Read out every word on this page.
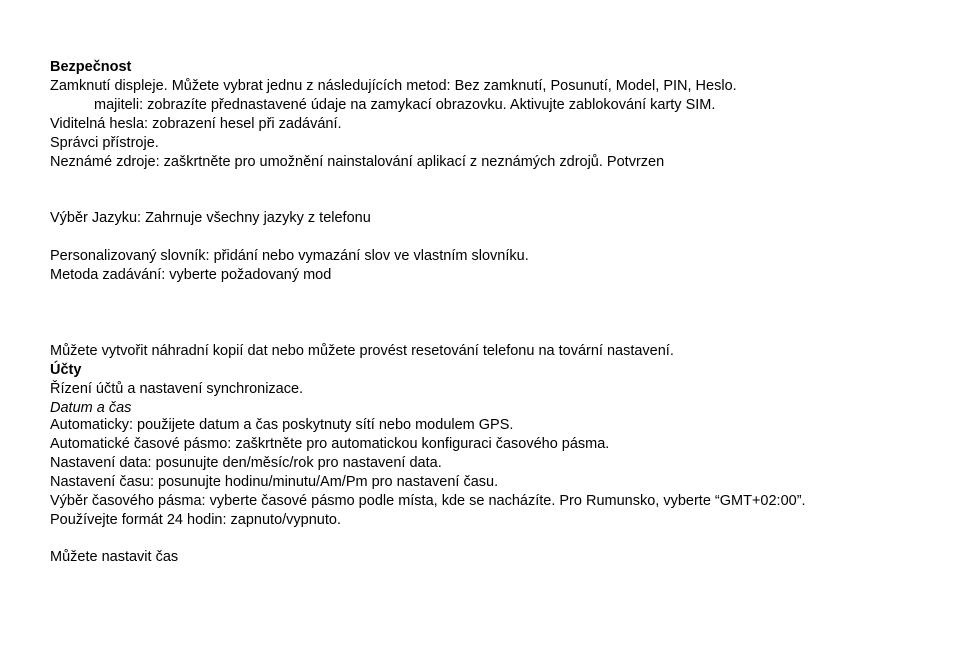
Bezpečnost
Zamknutí displeje. Můžete vybrat jednu z následujících metod: Bez zamknutí, Posunutí, Model, PIN, Heslo.
majiteli: zobrazíte přednastavené údaje na zamykací obrazovku. Aktivujte zablokování karty SIM.
Viditelná hesla: zobrazení hesel při zadávání.
Správci přístroje.
Neznámé zdroje: zaškrtněte pro umožnění nainstalování aplikací z neznámých zdrojů. Potvrzen
Výběr Jazyku: Zahrnuje všechny jazyky z telefonu
Personalizovaný slovník: přidání nebo vymazání slov ve vlastním slovníku.
Metoda zadávání: vyberte požadovaný mod
Můžete vytvořit náhradní kopií dat nebo můžete provést resetování telefonu na tovární nastavení.
Účty
Řízení účtů a nastavení synchronizace.
Datum a čas
Automaticky: použijete datum a čas poskytnuty sítí nebo modulem GPS.
Automatické časové pásmo: zaškrtněte pro automatickou konfiguraci časového pásma.
Nastavení data: posunujte den/měsíc/rok pro nastavení data.
Nastavení času: posunujte hodinu/minutu/Am/Pm pro nastavení času.
Výběr časového pásma: vyberte časové pásmo podle místa, kde se nacházíte. Pro Rumunsko, vyberte “GMT+02:00”.
Používejte formát 24 hodin: zapnuto/vypnuto.
Můžete nastavit čas
